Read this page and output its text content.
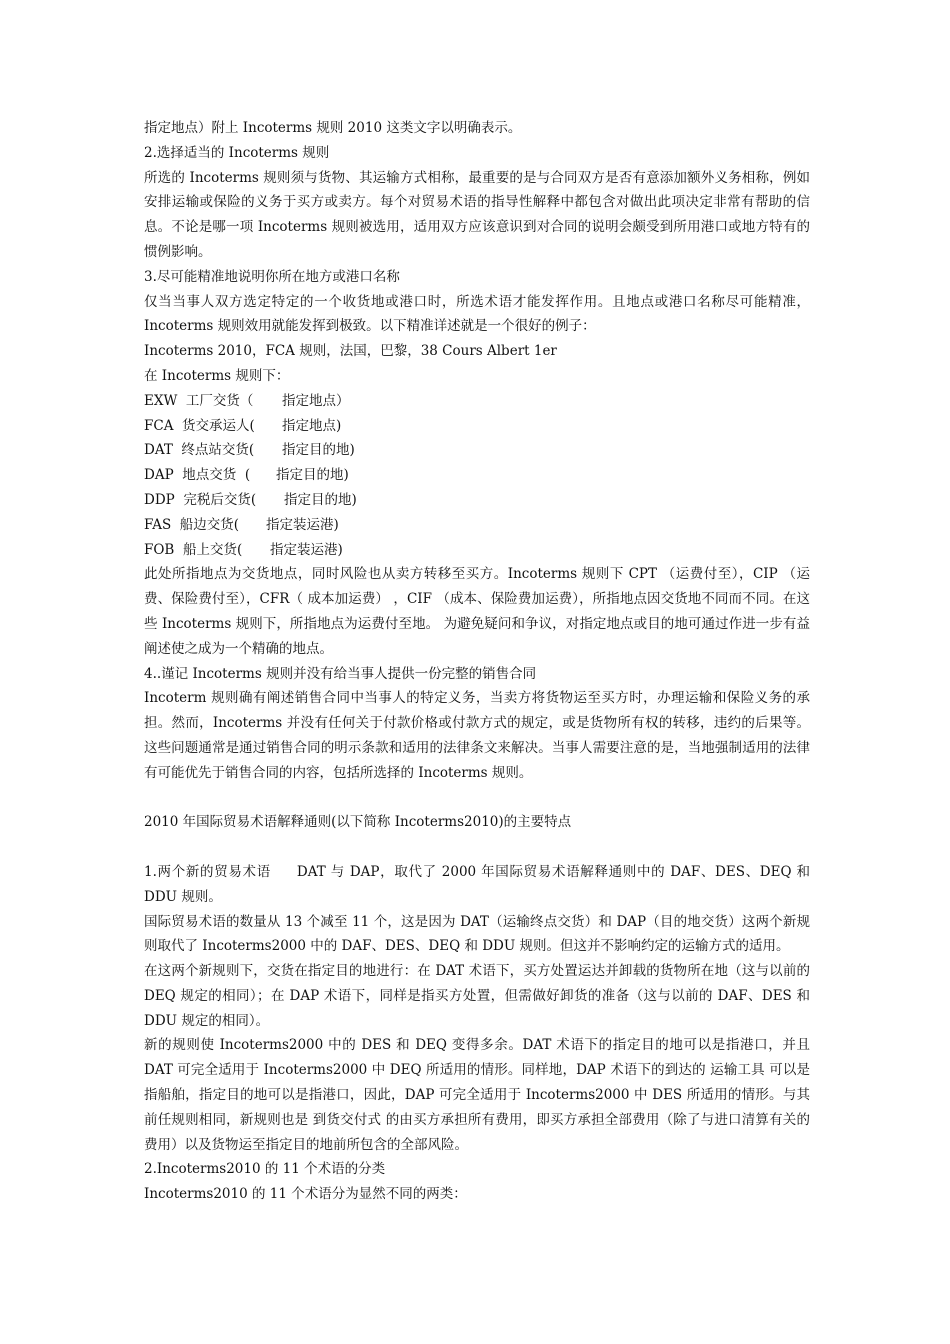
指定地点）附上 Incoterms 规则 2010 这类文字以明确表示。

2.选择适当的 Incoterms 规则

所选的 Incoterms 规则须与货物、其运输方式相称，最重要的是与合同双方是否有意添加额外义务相称，例如安排运输或保险的义务于买方或卖方。每个对贸易术语的指导性解释中都包含对做出此项决定非常有帮助的信息。不论是哪一项 Incoterms 规则被选用，适用双方应该意识到对合同的说明会颇受到所用港口或地方特有的惯例影响。

3.尽可能精准地说明你所在地方或港口名称

仅当当事人双方选定特定的一个收货地或港口时，所选术语才能发挥作用。且地点或港口名称尽可能精准，Incoterms 规则效用就能发挥到极致。以下精准详述就是一个很好的例子：

Incoterms 2010，FCA 规则，法国，巴黎，38 Cours Albert 1er

在 Incoterms 规则下：

EXW  工厂交货（	指定地点）
FCA  货交承运人(	指定地点)
DAT  终点站交货(	指定目的地)
DAP  地点交货  (	指定目的地)
DDP  完税后交货(	指定目的地)
FAS  船边交货(	指定装运港)
FOB  船上交货(	指定装运港)

此处所指地点为交货地点，同时风险也从卖方转移至买方。Incoterms 规则下 CPT （运费付至），CIP （运费、保险费付至），CFR（ 成本加运费） ，CIF （成本、保险费加运费），所指地点因交货地不同而不同。在这些 Incoterms 规则下，所指地点为运费付至地。 为避免疑问和争议，对指定地点或目的地可通过作进一步有益阐述使之成为一个精确的地点。

4..谨记 Incoterms 规则并没有给当事人提供一份完整的销售合同

Incoterm 规则确有阐述销售合同中当事人的特定义务，当卖方将货物运至买方时，办理运输和保险义务的承担。然而，Incoterms 并没有任何关于付款价格或付款方式的规定，或是货物所有权的转移，违约的后果等。这些问题通常是通过销售合同的明示条款和适用的法律条文来解决。当事人需要注意的是，当地强制适用的法律有可能优先于销售合同的内容，包括所选择的 Incoterms 规则。

2010 年国际贸易术语解释通则(以下简称 Incoterms2010)的主要特点

1.两个新的贸易术语 DAT 与 DAP，取代了 2000 年国际贸易术语解释通则中的 DAF、DES、DEQ 和 DDU 规则。

国际贸易术语的数量从 13 个减至 11 个，这是因为 DAT（运输终点交货）和 DAP（目的地交货）这两个新规则取代了 Incoterms2000 中的 DAF、DES、DEQ 和 DDU 规则。但这并不影响约定的运输方式的适用。

在这两个新规则下，交货在指定目的地进行：在 DAT 术语下，买方处置运达并卸载的货物所在地（这与以前的 DEQ 规定的相同）；在 DAP 术语下，同样是指买方处置，但需做好卸货的准备（这与以前的 DAF、DES 和 DDU 规定的相同）。

新的规则使 Incoterms2000 中的 DES 和 DEQ 变得多余。DAT 术语下的指定目的地可以是指港口，并且 DAT 可完全适用于 Incoterms2000 中 DEQ 所适用的情形。同样地，DAP 术语下的到达的 运输工具 可以是指船舶，指定目的地可以是指港口，因此，DAP 可完全适用于 Incoterms2000 中 DES 所适用的情形。与其前任规则相同，新规则也是 到货交付式 的由买方承担所有费用，即买方承担全部费用（除了与进口清算有关的费用）以及货物运至指定目的地前所包含的全部风险。

2.Incoterms2010 的 11 个术语的分类

Incoterms2010 的 11 个术语分为显然不同的两类：
